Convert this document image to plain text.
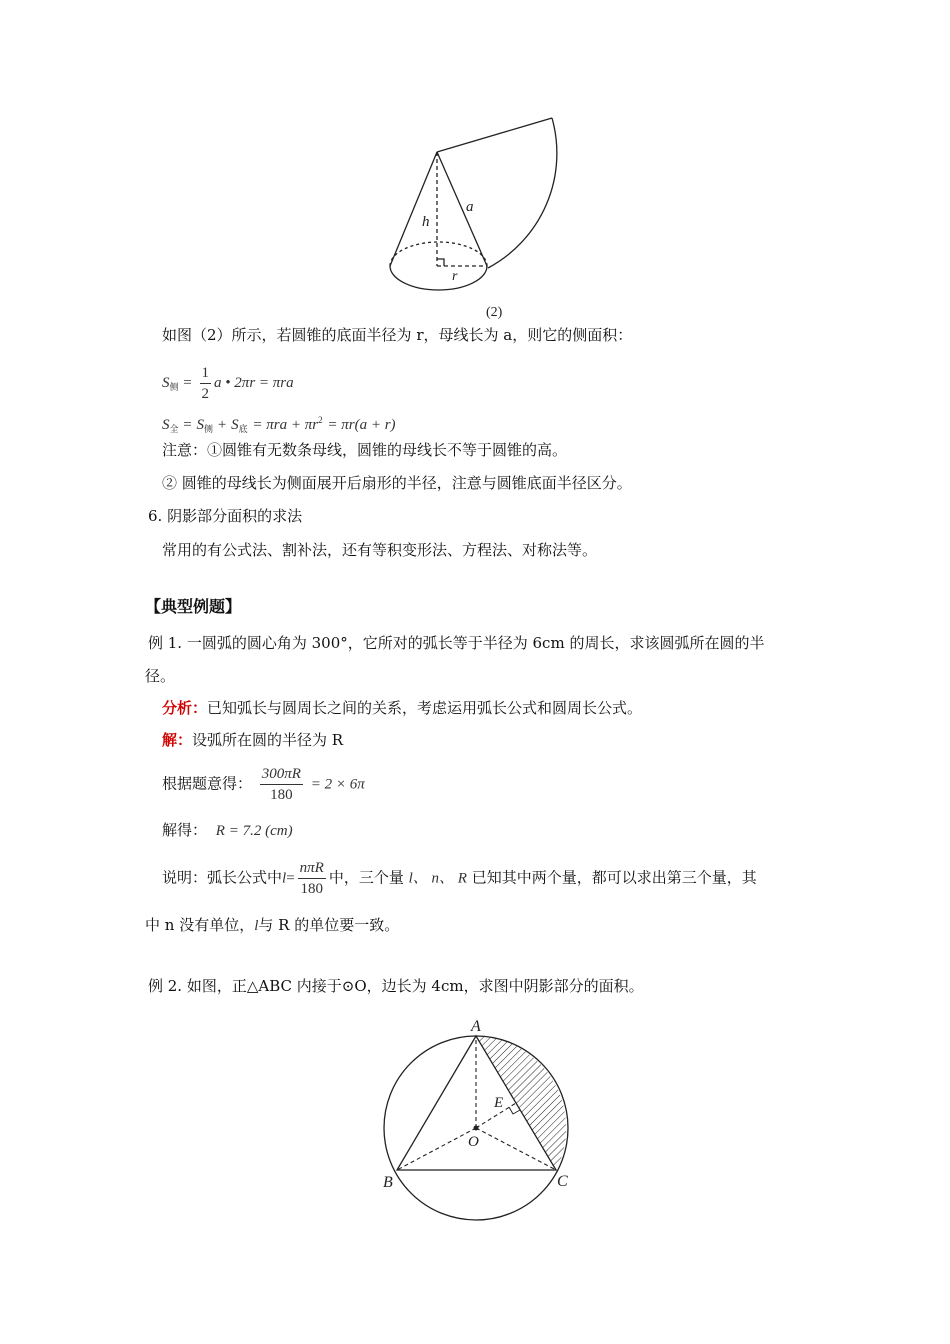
h
a
r
(2)
如图（2）所示，若圆锥的底面半径为 r，母线长为 a，则它的侧面积：
$S_侧 = \frac{1}{2}$ a • 2πr = πra
$S_全 = S_侧 + S_底 = \pi ra + \pi r^2 = \pi r(a + r)$
注意：①圆锥有无数条母线，圆锥的母线长不等于圆锥的高。
② 圆锥的母线长为侧面展开后扇形的半径，注意与圆锥底面半径区分。
6. 阴影部分面积的求法
常用的有公式法、割补法，还有等积变形法、方程法、对称法等。
【典型例题】
例 1. 一圆弧的圆心角为 300°，它所对的弧长等于半径为 6cm 的周长，求该圆弧所在圆的半
径。
分析：已知弧长与圆周长之间的关系，考虑运用弧长公式和圆周长公式。
解：设弧所在圆的半径为 R
根据题意得： $\frac{300\pi R}{180} = 2 \times 6\pi$
解得： R = 7.2 (cm)
说明：弧长公式中$l= \frac{\text{nπR}}{180}$ 中，三个量 l、 n、 R 已知其中两个量，都可以求出第三个量，其
中 n 没有单位，l与 R 的单位要一致。
例 2. 如图，正△ABC 内接于⊙O，边长为 4cm，求图中阴影部分的面积。
A
B	C
E
O
